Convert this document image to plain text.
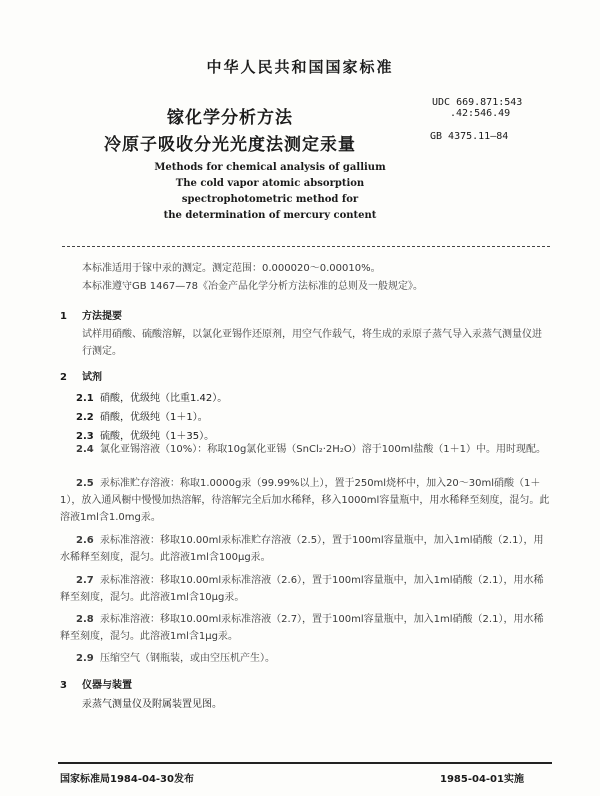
中华人民共和国国家标准
镓化学分析方法
冷原子吸收分光光度法测定汞量
UDC 669.871:543
.42:546.49
GB 4375.11—84
Methods for chemical analysis of gallium
The cold vapor atomic absorption
spectrophotometric method for
the determination of mercury content
本标准适用于镓中汞的测定。测定范围：0.000020～0.00010%。
本标准遵守GB 1467—78《冶金产品化学分析方法标准的总则及一般规定》。
1 方法提要
试样用硝酸、硫酸溶解，以氯化亚锡作还原剂，用空气作载气，将生成的汞原子蒸气导入汞蒸气测量仪进行测定。
2 试剂
2.1 硝酸，优级纯（比重1.42）。
2.2 硝酸，优级纯（1＋1）。
2.3 硫酸，优级纯（1＋35）。
2.4 氯化亚锡溶液（10%）：称取10g氯化亚锡（SnCl₂·2H₂O）溶于100ml盐酸（1＋1）中。用时现配。
2.5 汞标准贮存溶液：称取1.0000g汞（99.99%以上），置于250ml烧杯中，加入20～30ml硝酸（1＋1），放入通风橱中慢慢加热溶解，待溶解完全后加水稀释，移入1000ml容量瓶中，用水稀释至刻度，混匀。此溶液1ml含1.0mg汞。
2.6 汞标准溶液：移取10.00ml汞标准贮存溶液（2.5），置于100ml容量瓶中，加入1ml硝酸（2.1），用水稀释至刻度，混匀。此溶液1ml含100μg汞。
2.7 汞标准溶液：移取10.00ml汞标准溶液（2.6），置于100ml容量瓶中，加入1ml硝酸（2.1），用水稀释至刻度，混匀。此溶液1ml含10μg汞。
2.8 汞标准溶液：移取10.00ml汞标准溶液（2.7），置于100ml容量瓶中，加入1ml硝酸（2.1），用水稀释至刻度，混匀。此溶液1ml含1μg汞。
2.9 压缩空气（钢瓶装，或由空压机产生）。
3 仪器与装置
汞蒸气测量仪及附属装置见图。
国家标准局1984-04-30发布	1985-04-01实施
